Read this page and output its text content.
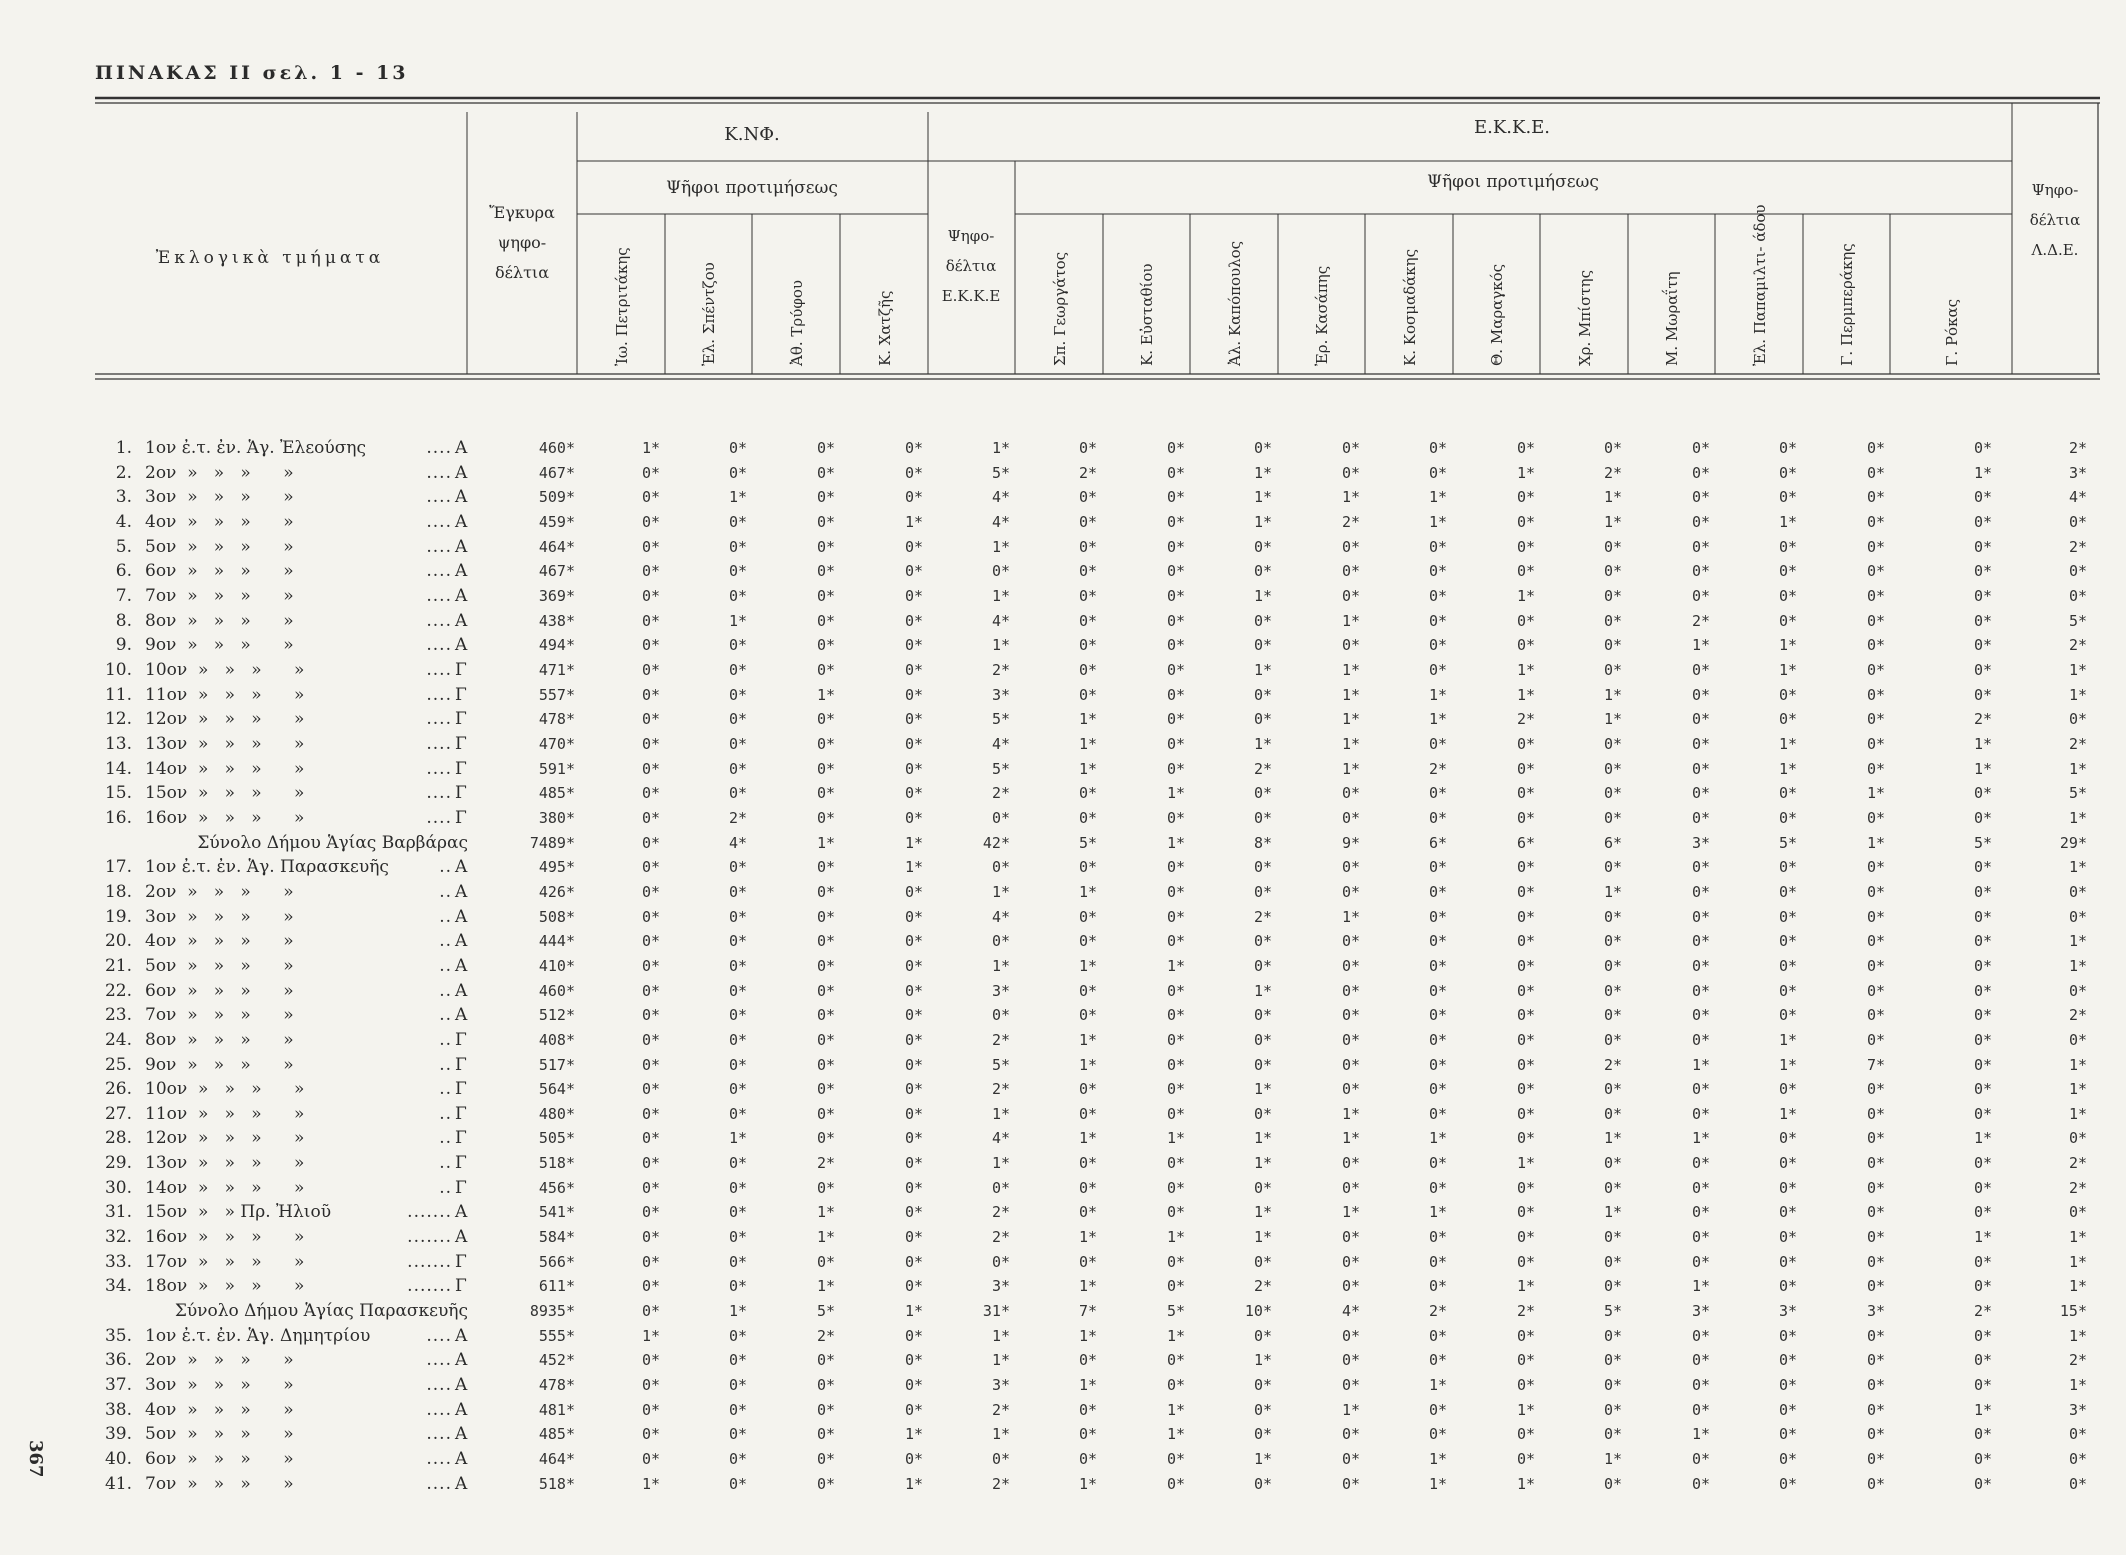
ΠΙΝΑΚΑΣ ΙΙ σελ. 1 - 13
367
Ἐκλογικὰ τμήματα
Ἔγκυρα ψηφο-δέλτια
Κ.ΝΦ.	Ε.Κ.Κ.Ε.
Ψῆφοι προτιμήσεως	Ψῆφοι προτιμήσεως
Ψηφο-δέλτια Ε.Κ.Κ.Ε
Ψηφο-δέλτια Λ.Δ.Ε.
Ἰω. Πετριτάκης	Ἐλ. Σπέντζου	Ἀθ. Τρύφου	Κ. Χατζῆς	Σπ. Γεωργάτος	Κ. Εὐσταθίου	Ἀλ. Καπόπουλος	Ἐρ. Κασάπης	Κ. Κοσμαδάκης	Θ. Μαραγκός	Χρ. Μπίστης	Μ. Μωραΐτη	Ἐλ. Παπαμιλτι- άδου	Γ. Περμπεράκης	Γ. Ρόκας
1. 1ον ἐ.τ. ἐν. Ἁγ. Ἐλεούσης	.... Α	460*	1*	0*	0*	0*	1*	0*	0*	0*	0*	0*	0*	0*	0*	0*	0*	0*	2*
2. 2ον  »   »   »      »	.... Α	467*	0*	0*	0*	0*	5*	2*	0*	1*	0*	0*	1*	2*	0*	0*	0*	1*	3*
3. 3ον  »   »   »      »	.... Α	509*	0*	1*	0*	0*	4*	0*	0*	1*	1*	1*	0*	1*	0*	0*	0*	0*	4*
4. 4ον  »   »   »      »	.... Α	459*	0*	0*	0*	1*	4*	0*	0*	1*	2*	1*	0*	1*	0*	1*	0*	0*	0*
5. 5ον  »   »   »      »	.... Α	464*	0*	0*	0*	0*	1*	0*	0*	0*	0*	0*	0*	0*	0*	0*	0*	0*	2*
6. 6ον  »   »   »      »	.... Α	467*	0*	0*	0*	0*	0*	0*	0*	0*	0*	0*	0*	0*	0*	0*	0*	0*	0*
7. 7ον  »   »   »      »	.... Α	369*	0*	0*	0*	0*	1*	0*	0*	1*	0*	0*	1*	0*	0*	0*	0*	0*	0*
8. 8ον  »   »   »      »	.... Α	438*	0*	1*	0*	0*	4*	0*	0*	0*	1*	0*	0*	0*	2*	0*	0*	0*	5*
9. 9ον  »   »   »      »	.... Α	494*	0*	0*	0*	0*	1*	0*	0*	0*	0*	0*	0*	0*	1*	1*	0*	0*	2*
10. 10ον  »   »   »      »	.... Γ	471*	0*	0*	0*	0*	2*	0*	0*	1*	1*	0*	1*	0*	0*	1*	0*	0*	1*
11. 11ον  »   »   »      »	.... Γ	557*	0*	0*	1*	0*	3*	0*	0*	0*	1*	1*	1*	1*	0*	0*	0*	0*	1*
12. 12ον  »   »   »      »	.... Γ	478*	0*	0*	0*	0*	5*	1*	0*	0*	1*	1*	2*	1*	0*	0*	0*	2*	0*
13. 13ον  »   »   »      »	.... Γ	470*	0*	0*	0*	0*	4*	1*	0*	1*	1*	0*	0*	0*	0*	1*	0*	1*	2*
14. 14ον  »   »   »      »	.... Γ	591*	0*	0*	0*	0*	5*	1*	0*	2*	1*	2*	0*	0*	0*	1*	0*	1*	1*
15. 15ον  »   »   »      »	.... Γ	485*	0*	0*	0*	0*	2*	0*	1*	0*	0*	0*	0*	0*	0*	0*	1*	0*	5*
16. 16ον  »   »   »      »	.... Γ	380*	0*	2*	0*	0*	0*	0*	0*	0*	0*	0*	0*	0*	0*	0*	0*	0*	1*
Σύνολο Δήμου Ἁγίας Βαρβάρας	7489*	0*	4*	1*	1*	42*	5*	1*	8*	9*	6*	6*	6*	3*	5*	1*	5*	29*
17. 1ον ἐ.τ. ἐν. Ἁγ. Παρασκευῆς	.. Α	495*	0*	0*	0*	1*	0*	0*	0*	0*	0*	0*	0*	0*	0*	0*	0*	0*	1*
18. 2ον  »   »   »      »	.. Α	426*	0*	0*	0*	0*	1*	1*	0*	0*	0*	0*	0*	1*	0*	0*	0*	0*	0*
19. 3ον  »   »   »      »	.. Α	508*	0*	0*	0*	0*	4*	0*	0*	2*	1*	0*	0*	0*	0*	0*	0*	0*	0*
20. 4ον  »   »   »      »	.. Α	444*	0*	0*	0*	0*	0*	0*	0*	0*	0*	0*	0*	0*	0*	0*	0*	0*	1*
21. 5ον  »   »   »      »	.. Α	410*	0*	0*	0*	0*	1*	1*	1*	0*	0*	0*	0*	0*	0*	0*	0*	0*	1*
22. 6ον  »   »   »      »	.. Α	460*	0*	0*	0*	0*	3*	0*	0*	1*	0*	0*	0*	0*	0*	0*	0*	0*	0*
23. 7ον  »   »   »      »	.. Α	512*	0*	0*	0*	0*	0*	0*	0*	0*	0*	0*	0*	0*	0*	0*	0*	0*	2*
24. 8ον  »   »   »      »	.. Γ	408*	0*	0*	0*	0*	2*	1*	0*	0*	0*	0*	0*	0*	0*	1*	0*	0*	0*
25. 9ον  »   »   »      »	.. Γ	517*	0*	0*	0*	0*	5*	1*	0*	0*	0*	0*	0*	2*	1*	1*	7*	0*	1*
26. 10ον  »   »   »      »	.. Γ	564*	0*	0*	0*	0*	2*	0*	0*	1*	0*	0*	0*	0*	0*	0*	0*	0*	1*
27. 11ον  »   »   »      »	.. Γ	480*	0*	0*	0*	0*	1*	0*	0*	0*	1*	0*	0*	0*	0*	1*	0*	0*	1*
28. 12ον  »   »   »      »	.. Γ	505*	0*	1*	0*	0*	4*	1*	1*	1*	1*	1*	0*	1*	1*	0*	0*	1*	0*
29. 13ον  »   »   »      »	.. Γ	518*	0*	0*	2*	0*	1*	0*	0*	1*	0*	0*	1*	0*	0*	0*	0*	0*	2*
30. 14ον  »   »   »      »	.. Γ	456*	0*	0*	0*	0*	0*	0*	0*	0*	0*	0*	0*	0*	0*	0*	0*	0*	2*
31. 15ον  »   » Πρ. Ἠλιοῦ	....... Α	541*	0*	0*	1*	0*	2*	0*	0*	1*	1*	1*	0*	1*	0*	0*	0*	0*	0*
32. 16ον  »   »   »      »	....... Α	584*	0*	0*	1*	0*	2*	1*	1*	1*	0*	0*	0*	0*	0*	0*	0*	1*	1*
33. 17ον  »   »   »      »	....... Γ	566*	0*	0*	0*	0*	0*	0*	0*	0*	0*	0*	0*	0*	0*	0*	0*	0*	1*
34. 18ον  »   »   »      »	....... Γ	611*	0*	0*	1*	0*	3*	1*	0*	2*	0*	0*	1*	0*	1*	0*	0*	0*	1*
Σύνολο Δήμου Ἁγίας Παρασκευῆς	8935*	0*	1*	5*	1*	31*	7*	5*	10*	4*	2*	2*	5*	3*	3*	3*	2*	15*
35. 1ον ἐ.τ. ἐν. Ἁγ. Δημητρίου	.... Α	555*	1*	0*	2*	0*	1*	1*	1*	0*	0*	0*	0*	0*	0*	0*	0*	0*	1*
36. 2ον  »   »   »      »	.... Α	452*	0*	0*	0*	0*	1*	0*	0*	1*	0*	0*	0*	0*	0*	0*	0*	0*	2*
37. 3ον  »   »   »      »	.... Α	478*	0*	0*	0*	0*	3*	1*	0*	0*	0*	1*	0*	0*	0*	0*	0*	0*	1*
38. 4ον  »   »   »      »	.... Α	481*	0*	0*	0*	0*	2*	0*	1*	0*	1*	0*	1*	0*	0*	0*	0*	1*	3*
39. 5ον  »   »   »      »	.... Α	485*	0*	0*	0*	1*	1*	0*	1*	0*	0*	0*	0*	0*	1*	0*	0*	0*	0*
40. 6ον  »   »   »      »	.... Α	464*	0*	0*	0*	0*	0*	0*	0*	1*	0*	1*	0*	1*	0*	0*	0*	0*	0*
41. 7ον  »   »   »      »	.... Α	518*	1*	0*	0*	1*	2*	1*	0*	0*	0*	1*	1*	0*	0*	0*	0*	0*	0*
